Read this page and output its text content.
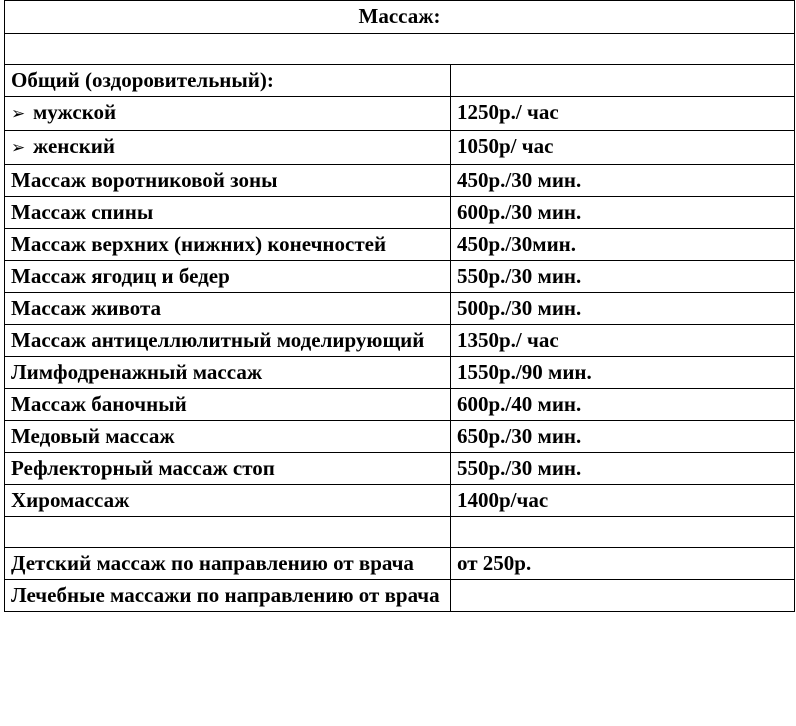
Массаж:	

Общий (оздоровительный):	
➢ мужской	1250р./ час
➢ женский	1050р/ час
Массаж воротниковой зоны	450р./30 мин.
Массаж спины	600р./30 мин.
Массаж верхних (нижних) конечностей	450р./30мин.
Массаж ягодиц и бедер	550р./30 мин.
Массаж живота	500р./30 мин.
Массаж антицеллюлитный моделирующий	1350р./ час
Лимфодренажный массаж	1550р./90 мин.
Массаж баночный	600р./40 мин.
Медовый массаж	650р./30 мин.
Рефлекторный массаж стоп	550р./30 мин.
Хиромассаж	1400р/час

Детский массаж по направлению от врача	от 250р.
Лечебные массажи по направлению от врача	
